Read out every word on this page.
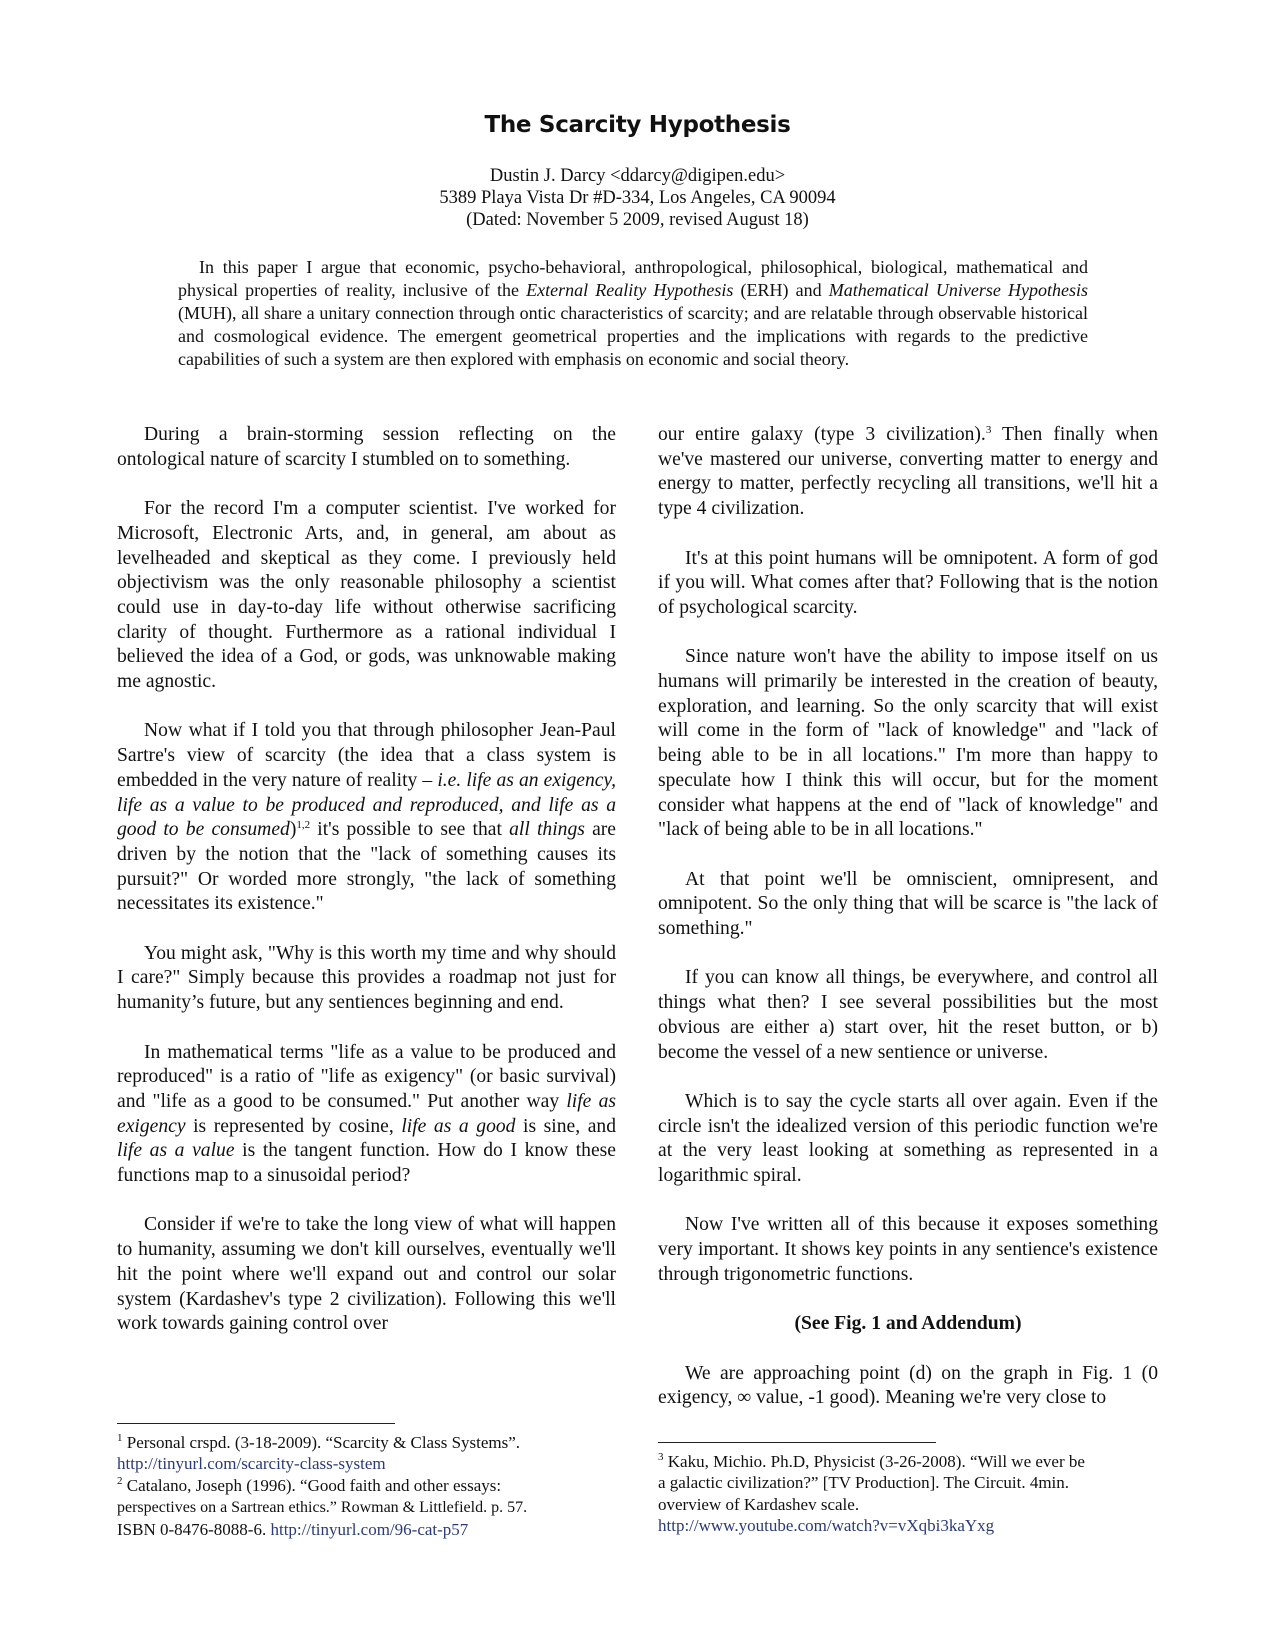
The Scarcity Hypothesis
Dustin J. Darcy <ddarcy@digipen.edu>
5389 Playa Vista Dr #D-334, Los Angeles, CA 90094
(Dated: November 5 2009, revised August 18)

In this paper I argue that economic, psycho-behavioral, anthropological, philosophical, biological, mathematical and physical properties of reality, inclusive of the External Reality Hypothesis (ERH) and Mathematical Universe Hypothesis (MUH), all share a unitary connection through ontic characteristics of scarcity; and are relatable through observable historical and cosmological evidence. The emergent geometrical properties and the implications with regards to the predictive capabilities of such a system are then explored with emphasis on economic and social theory.

During a brain-storming session reflecting on the ontological nature of scarcity I stumbled on to something.

For the record I'm a computer scientist. I've worked for Microsoft, Electronic Arts, and, in general, am about as levelheaded and skeptical as they come. I previously held objectivism was the only reasonable philosophy a scientist could use in day-to-day life without otherwise sacrificing clarity of thought. Furthermore as a rational individual I believed the idea of a God, or gods, was unknowable making me agnostic.

Now what if I told you that through philosopher Jean-Paul Sartre's view of scarcity (the idea that a class system is embedded in the very nature of reality – i.e. life as an exigency, life as a value to be produced and reproduced, and life as a good to be consumed)$^{1,2}$ it's possible to see that all things are driven by the notion that the "lack of something causes its pursuit?" Or worded more strongly, "the lack of something necessitates its existence."

You might ask, "Why is this worth my time and why should I care?" Simply because this provides a roadmap not just for humanity’s future, but any sentiences beginning and end.

In mathematical terms "life as a value to be produced and reproduced" is a ratio of "life as exigency" (or basic survival) and "life as a good to be consumed." Put another way life as exigency is represented by cosine, life as a good is sine, and life as a value is the tangent function. How do I know these functions map to a sinusoidal period?

Consider if we're to take the long view of what will happen to humanity, assuming we don't kill ourselves, eventually we'll hit the point where we'll expand out and control our solar system (Kardashev's type 2 civilization). Following this we'll work towards gaining control over

our entire galaxy (type 3 civilization).$^3$ Then finally when we've mastered our universe, converting matter to energy and energy to matter, perfectly recycling all transitions, we'll hit a type 4 civilization.

It's at this point humans will be omnipotent. A form of god if you will. What comes after that? Following that is the notion of psychological scarcity.

Since nature won't have the ability to impose itself on us humans will primarily be interested in the creation of beauty, exploration, and learning. So the only scarcity that will exist will come in the form of "lack of knowledge" and "lack of being able to be in all locations." I'm more than happy to speculate how I think this will occur, but for the moment consider what happens at the end of "lack of knowledge" and "lack of being able to be in all locations."

At that point we'll be omniscient, omnipresent, and omnipotent. So the only thing that will be scarce is "the lack of something."

If you can know all things, be everywhere, and control all things what then? I see several possibilities but the most obvious are either a) start over, hit the reset button, or b) become the vessel of a new sentience or universe.

Which is to say the cycle starts all over again. Even if the circle isn't the idealized version of this periodic function we're at the very least looking at something as represented in a logarithmic spiral.

Now I've written all of this because it exposes something very important. It shows key points in any sentience's existence through trigonometric functions.

(See Fig. 1 and Addendum)

We are approaching point (d) on the graph in Fig. 1 (0 exigency, ∞ value, -1 good). Meaning we're very close to

$^1$ Personal crspd. (3-18-2009). “Scarcity & Class Systems”.

http://tinyurl.com/scarcity-class-system

$^2$ Catalano, Joseph (1996). “Good faith and other essays:

perspectives on a Sartrean ethics.” Rowman & Littlefield. p. 57.

ISBN 0-8476-8088-6. http://tinyurl.com/96-cat-p57

$^3$ Kaku, Michio. Ph.D, Physicist (3-26-2008). “Will we ever be

a galactic civilization?” [TV Production]. The Circuit. 4min.

overview of Kardashev scale.

http://www.youtube.com/watch?v=vXqbi3kaYxg
